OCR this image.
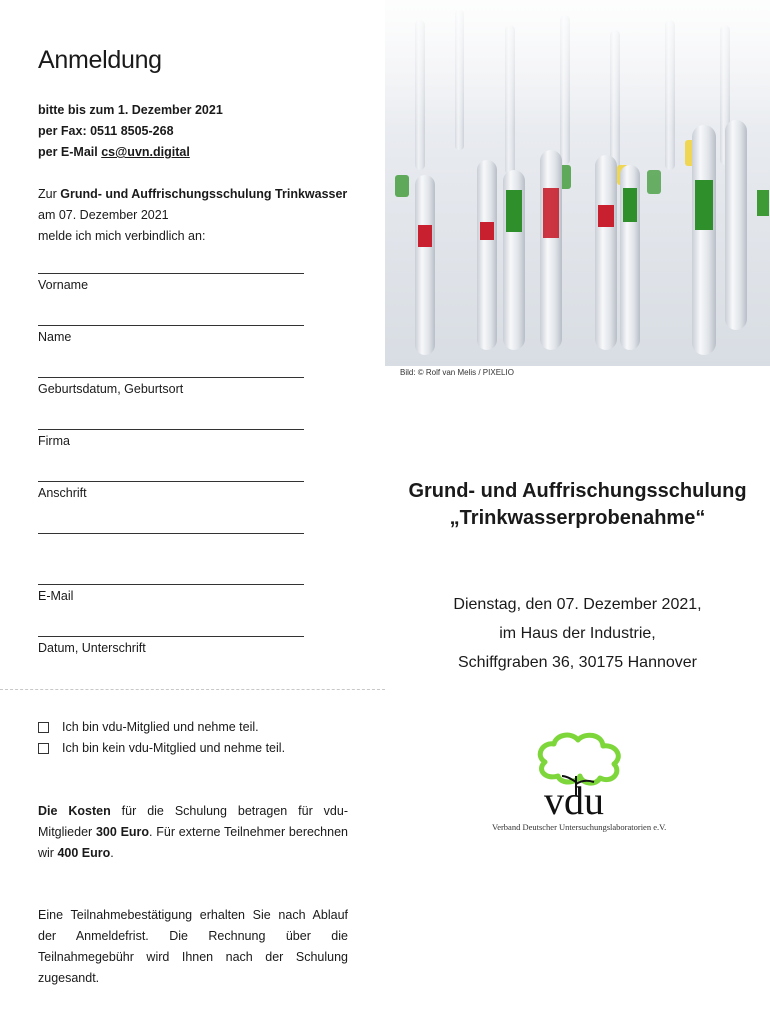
Anmeldung
bitte bis zum 1. Dezember 2021
per Fax: 0511 8505-268
per E-Mail cs@uvn.digital
Zur Grund- und Auffrischungsschulung Trinkwasser
am 07. Dezember 2021
melde ich mich verbindlich an:
Vorname
Name
Geburtsdatum, Geburtsort
Firma
Anschrift
E-Mail
Datum, Unterschrift
Ich bin vdu-Mitglied und nehme teil.
Ich bin kein vdu-Mitglied und nehme teil.
Die Kosten für die Schulung betragen für vdu-Mitglieder 300 Euro. Für externe Teilnehmer berechnen wir 400 Euro.
Eine Teilnahmebestätigung erhalten Sie nach Ablauf der Anmeldefrist. Die Rechnung über die Teilnahmegebühr wird Ihnen nach der Schulung zugesandt.
Bild: © Rolf van Melis / PIXELIO
Grund- und Auffrischungsschulung
„Trinkwasserprobenahme“
Dienstag, den 07. Dezember 2021,
im Haus der Industrie,
Schiffgraben 36, 30175 Hannover
vdu
Verband Deutscher Untersuchungslaboratorien e.V.
